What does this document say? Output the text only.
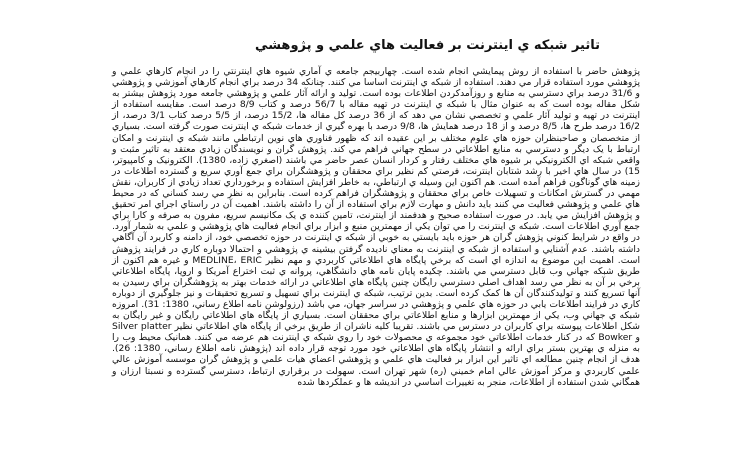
تاثير شبکه ي اينترنت بر فعاليت هاي علمي و پژوهشي

پژوهش حاضر با استفاده از روش پيمايشي انجام شده است. چهاربيجم جامعه ي آماري شيوه هاي اينترنتي را در انجام کارهاي علمي و پژوهشي مورد استفاده قرار مي دهند. استفاده از شبکه ي اينترنت اساسا مي کنند. چنانکه 34 درصد براي انجام کارهاي آموزشي و پژوهشي و 31/6 درصد براي دسترسي به منابع و روزآمدکردن اطلاعات بوده است. توليد و ارائه آثار علمي و پژوهشي جامعه مورد پژوهش بيشتر به شکل مقاله بوده است که به عنوان مثال با شبکه ي اينترنت در تهيه مقاله با 56/7 درصد و کتاب 8/9 درصد است. مقايسه استفاده از اينترنت در تهيه و توليد آثار علمي و تخصصي نشان مي دهد که از 36 درصد کل مقاله ها، 15/2 درصد، از 5/5 درصد کتاب 3/1 درصد، از 16/2 درصد طرح ها، 8/5 درصد و از 18 درصد همايش ها، 9/8 درصد با بهره گيري از خدمات شبکه ي اينترنت صورت گرفته است. بسياري از متخصصان و صاحبنظران حوزه هاي علوم مختلف بر اين عقيده اند که ظهور فناوري هاي نوين ارتباطي مانند شبکه ي اينترنت و امکان ارتباط با يک ديگر و دسترسي به منابع اطلاعاتي در سطح جهاني فراهم مي کند. پژوهش گران و نويسندگان زيادي معتقد به تاثير مثبت و واقعي شبکه اي الکترونيکي بر شيوه هاي مختلف رفتار و کردار انسان عصر حاضر مي باشند (اصغري زاده، 1380). الکترونيک و کامپيوتر، 15) در سال هاي اخير با رشد شتابان اينترنت، فرصتي کم نظير براي محققان و پژوهشگران براي جمع آوري سريع و گسترده اطلاعات در زمينه هاي گوناگون فراهم آمده است. هم اکنون اين وسيله ي ارتباطي، به خاطر افزايش استفاده و برخورداري تعداد زيادي از کاربران، نقش مهمي در گسترش امکانات و تسهيلات خاص براي محققان و پژوهشگران فراهم کرده است. بنابراين به نظر مي رسد کساني که در محيط هاي علمي و پژوهشي فعاليت مي کنند بايد دانش و مهارت لازم براي استفاده از آن را داشته باشند. اهميت آن در راستاي اجراي امر تحقيق و پژوهش افزايش مي يابد. در صورت استفاده صحيح و هدفمند از اينترنت، تامين کننده ي يک مکانيسم سريع، مفرون به صرفه و کارا براي جمع آوري اطلاعات است. شبکه ي اينترنت را مي توان يکي از مهمترين منبع و ابزار براي انجام فعاليت هاي پژوهشي و علمي به شمار آورد. در واقع در شرايط کنوني پژوهش گران هر حوزه بايد بايستي به خوبي از شبکه ي اينترنت در حوزه تخصصي خود، از دامنه و کاربرد آن آگاهي داشته باشند. عدم آشنايي و استفاده از شبکه ي اينترنت به معناي ناديده گرفتن بيشينه ي پژوهشي و احتمالا دوباره کاري در فرايند پژوهش است. اهميت اين موضوع به اندازه اي است که برخي پايگاه هاي اطلاعاتي کاربردي و مهم نظير MEDLINE، ERIC و غيره هم اکنون از طريق شبکه جهاني وب قابل دسترسي مي باشند. چکيده پايان نامه هاي دانشگاهي، پروانه ي ثبت اختراع آمريکا و اروپا، پايگاه اطلاعاتي برخي بر آن به نظر مي رسد اهداف اصلي دسترسي رايگان چنين پايگاه هاي اطلاعاتي در ارائه خدمات بهتر به پژوهشگران براي رسيدن به آنها تسريع کنند و توليدکنندگان آن ها کمک کرده است. بدين ترتيب، شبکه ي اينترنت براي تسهيل و تسريع تحقيقات و نيز جلوگيري از دوباره کاري در فرايند اطلاعات يابي در حوزه هاي علمي و پژوهشي در سراسر جهان، مي باشد (رزولوشن نامه اطلاع رساني، 1380: 31). امروزه شبکه ي جهاني وب، يکي از مهمترين ابزارها و منابع اطلاعاتي براي محققان است. بسياري از پايگاه هاي اطلاعاتي رايگان و غير رايگان به شکل اطلاعات پيوسته براي کاربران در دسترس مي باشند. تقريبا کليه ناشران از طريق برخي از پايگاه هاي اطلاعاتي نظير Silver platter و Bowker که در کنار خدمات اطلاعاتي خود مجموعه ي محصولات خود را روي شبکه ي اينترنت هم عرضه مي کنند. همانيک محيط وب را به منزله ي بهترين بستر براي ارائه و انتشار پايگاه هاي اطلاعاتي خود مورد توجه قرار داده اند (پژوهش نامه اطلاع رساني، 1380: 26). هدف از انجام چنين مطالعه اي تاثير اين ابزار بر فعاليت هاي علمي و پژوهشي اعضاي هيات علمي و پژوهش گران موسسه آموزش عالي علمي کاربردي و مرکز آموزش عالي امام خميني (ره) شهر تهران است. سهولت در برقراري ارتباط، دسترسي گسترده و نسبتا ارزان و همگاني شدن استفاده از اطلاعات، منجر به تغييرات اساسي در انديشه ها و عملکردها شده
